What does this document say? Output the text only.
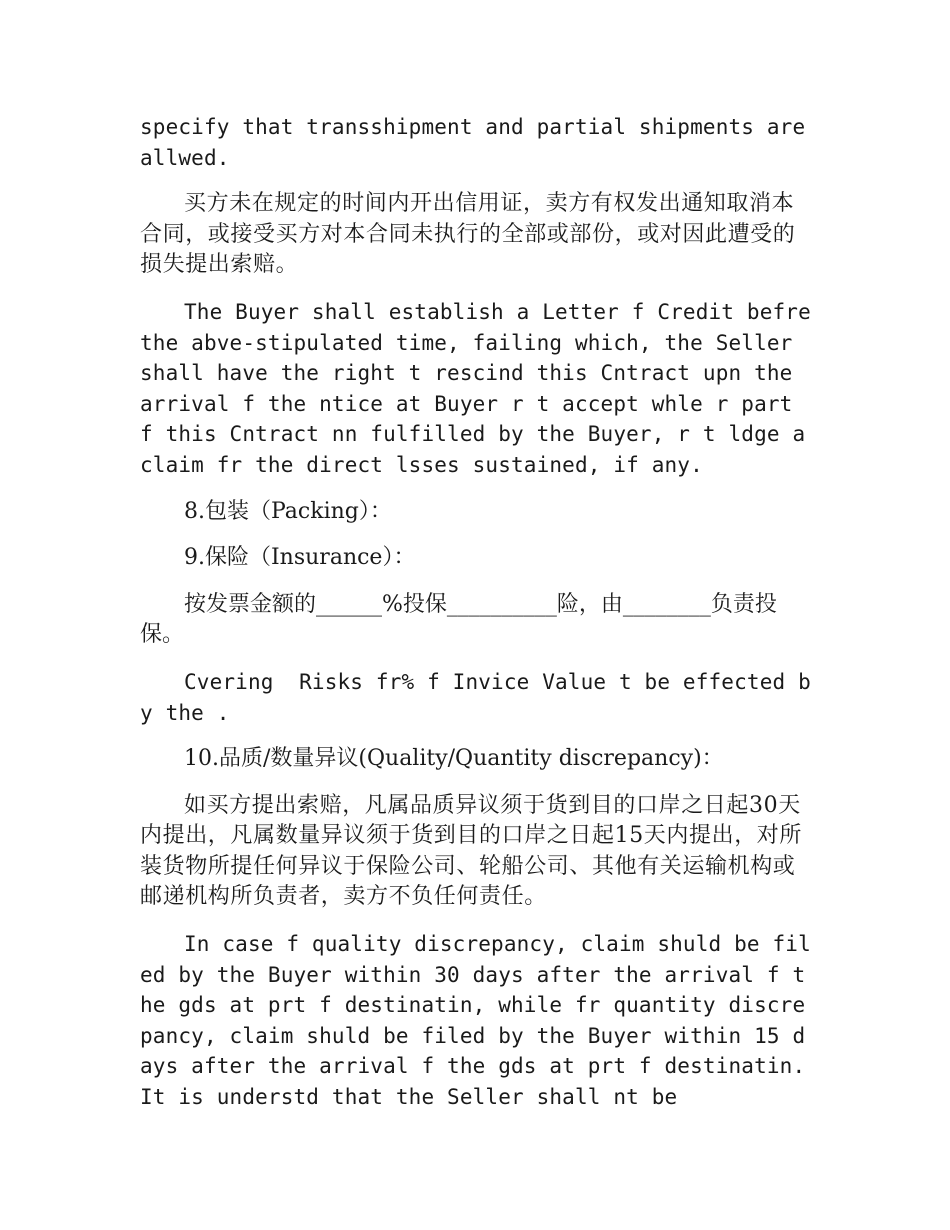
specify that transshipment and partial shipments are allwed.

买方未在规定的时间内开出信用证，卖方有权发出通知取消本合同，或接受买方对本合同未执行的全部或部份，或对因此遭受的损失提出索赔。

The Buyer shall establish a Letter f Credit befre the abve-stipulated time, failing which, the Seller shall have the right t rescind this Cntract upn the arrival f the ntice at Buyer r t accept whle r part f this Cntract nn fulfilled by the Buyer, r t ldge a claim fr the direct lsses sustained, if any.

8.包装（Packing）：

9.保险（Insurance）：

按发票金额的______%投保__________险，由________负责投保。

Cvering  Risks fr% f Invice Value t be effected by the .

10.品质/数量异议(Quality/Quantity discrepancy)：

如买方提出索赔，凡属品质异议须于货到目的口岸之日起30天内提出，凡属数量异议须于货到目的口岸之日起15天内提出，对所装货物所提任何异议于保险公司、轮船公司、其他有关运输机构或邮递机构所负责者，卖方不负任何责任。

In case f quality discrepancy, claim shuld be filed by the Buyer within 30 days after the arrival f the gds at prt f destinatin, while fr quantity discrepancy, claim shuld be filed by the Buyer within 15 days after the arrival f the gds at prt f destinatin. It is understd that the Seller shall nt be
